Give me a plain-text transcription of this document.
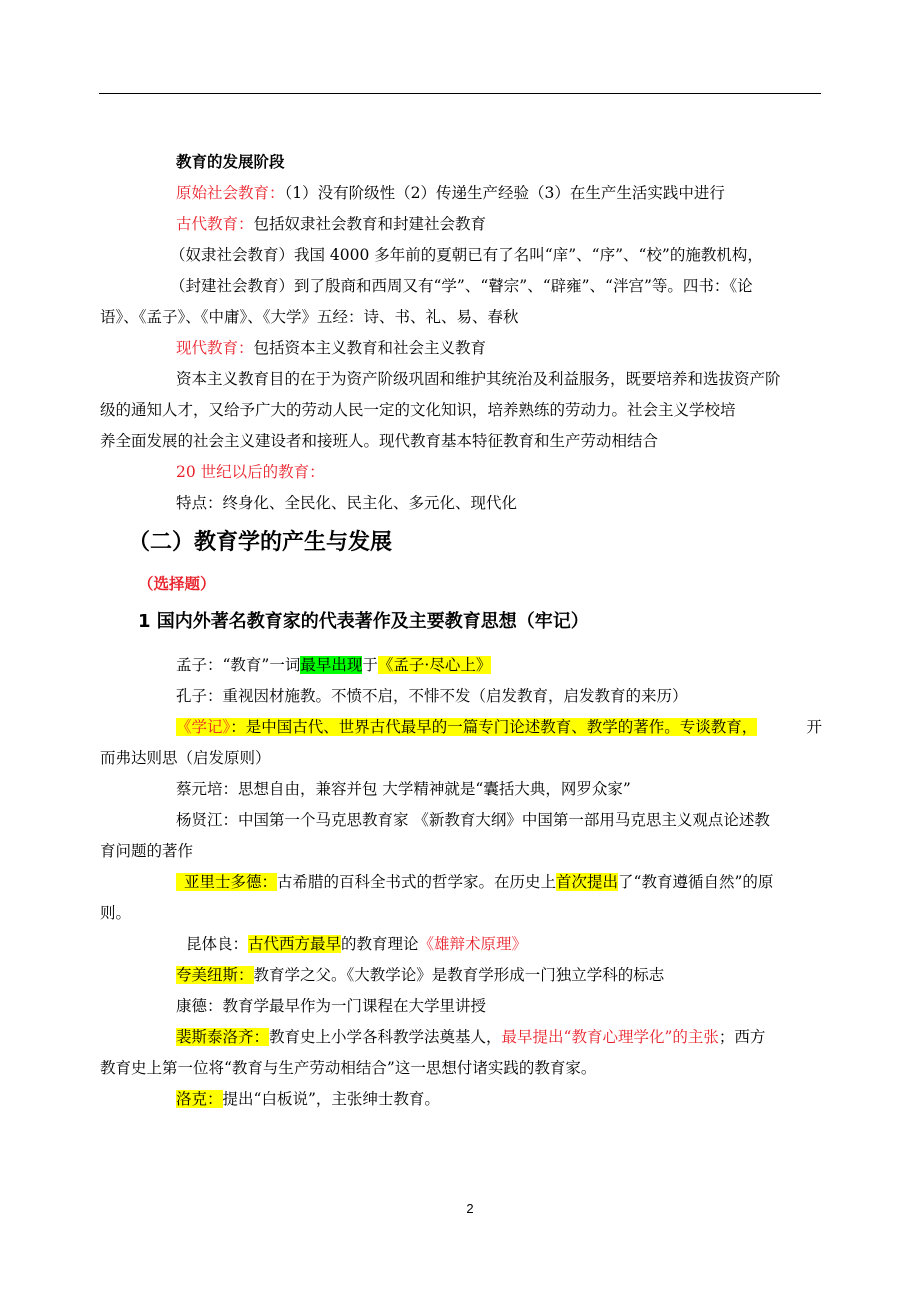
教育的发展阶段
原始社会教育：（1）没有阶级性（2）传递生产经验（3）在生产生活实践中进行
古代教育：包括奴隶社会教育和封建社会教育
（奴隶社会教育）我国 4000 多年前的夏朝已有了名叫“庠”、“序”、“校”的施教机构，
（封建社会教育）到了殷商和西周又有“学”、“瞽宗”、“辟雍”、“泮宫”等。四书：《论
语》、《孟子》、《中庸》、《大学》五经：诗、书、礼、易、春秋
现代教育：包括资本主义教育和社会主义教育
资本主义教育目的在于为资产阶级巩固和维护其统治及利益服务，既要培养和选拔资产阶
级的通知人才，又给予广大的劳动人民一定的文化知识，培养熟练的劳动力。社会主义学校培
养全面发展的社会主义建设者和接班人。现代教育基本特征教育和生产劳动相结合
20 世纪以后的教育：
特点：终身化、全民化、民主化、多元化、现代化
（二）教育学的产生与发展
（选择题）
1 国内外著名教育家的代表著作及主要教育思想（牢记）
孟子：“教育”一词最早出现于《孟子·尽心上》
孔子：重视因材施教。不愤不启，不悱不发（启发教育，启发教育的来历）
《学记》：是中国古代、世界古代最早的一篇专门论述教育、教学的著作。专谈教育，	开
而弗达则思（启发原则）
蔡元培：思想自由，兼容并包 大学精神就是“囊括大典，网罗众家”
杨贤江：中国第一个马克思教育家 《新教育大纲》中国第一部用马克思主义观点论述教
育问题的著作
亚里士多德：古希腊的百科全书式的哲学家。在历史上首次提出了“教育遵循自然”的原
则。
昆体良：古代西方最早的教育理论《雄辩术原理》
夸美纽斯：教育学之父。《大教学论》是教育学形成一门独立学科的标志
康德：教育学最早作为一门课程在大学里讲授
裴斯泰洛齐：教育史上小学各科教学法奠基人，最早提出“教育心理学化”的主张；西方
教育史上第一位将“教育与生产劳动相结合”这一思想付诸实践的教育家。
洛克：提出“白板说”，主张绅士教育。
2
